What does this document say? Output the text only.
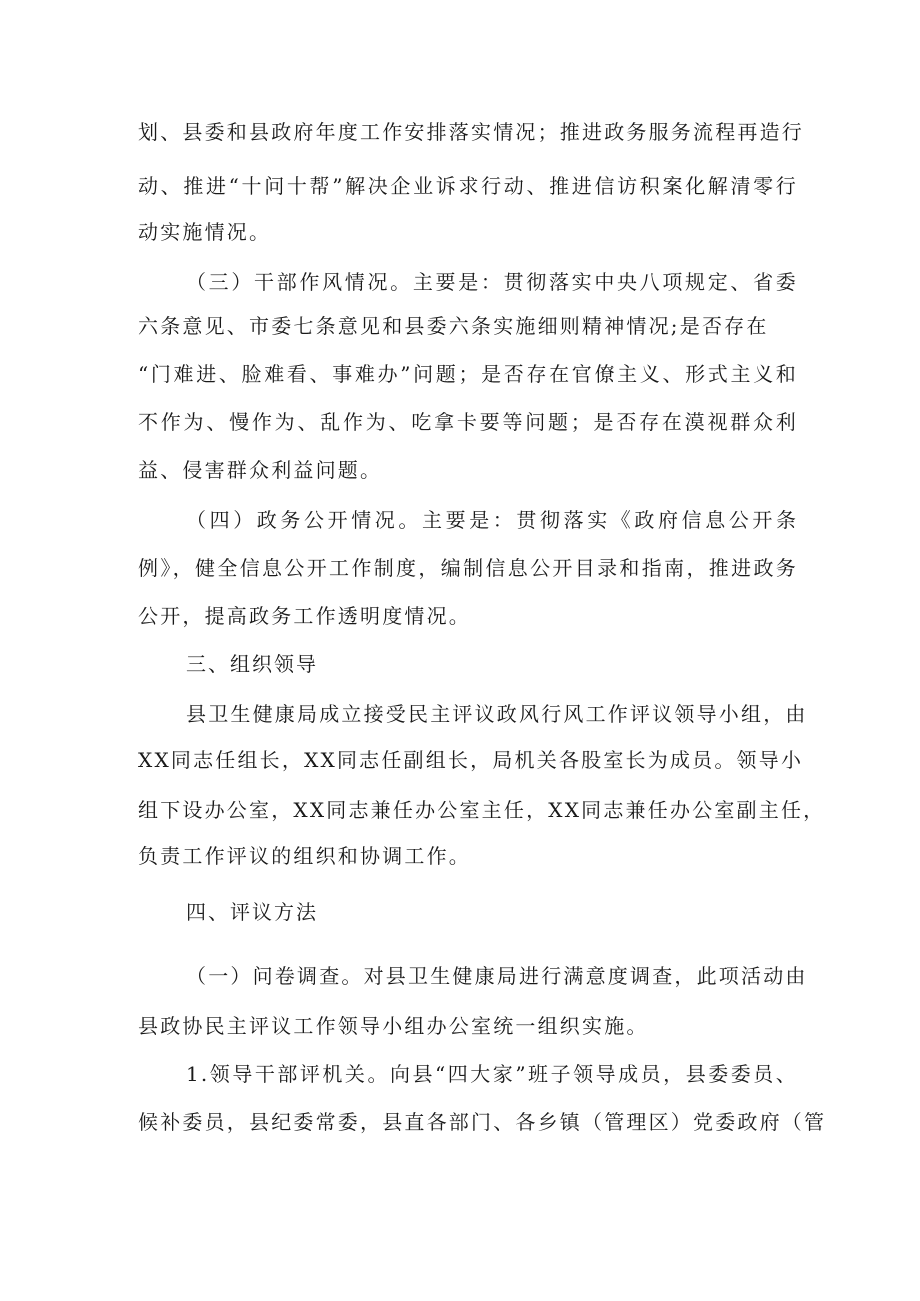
划、县委和县政府年度工作安排落实情况；推进政务服务流程再造行
动、推进“十问十帮”解决企业诉求行动、推进信访积案化解清零行
动实施情况。
（三）干部作风情况。主要是：贯彻落实中央八项规定、省委
六条意见、市委七条意见和县委六条实施细则精神情况;是否存在
“门难进、脸难看、事难办”问题；是否存在官僚主义、形式主义和
不作为、慢作为、乱作为、吃拿卡要等问题；是否存在漠视群众利
益、侵害群众利益问题。
（四）政务公开情况。主要是：贯彻落实《政府信息公开条
例》，健全信息公开工作制度，编制信息公开目录和指南，推进政务
公开，提高政务工作透明度情况。
三、组织领导
县卫生健康局成立接受民主评议政风行风工作评议领导小组，由
XX同志任组长，XX同志任副组长，局机关各股室长为成员。领导小
组下设办公室，XX同志兼任办公室主任，XX同志兼任办公室副主任，
负责工作评议的组织和协调工作。
四、评议方法
（一）问卷调查。对县卫生健康局进行满意度调查，此项活动由
县政协民主评议工作领导小组办公室统一组织实施。
1.领导干部评机关。向县“四大家”班子领导成员，县委委员、
候补委员，县纪委常委，县直各部门、各乡镇（管理区）党委政府（管
